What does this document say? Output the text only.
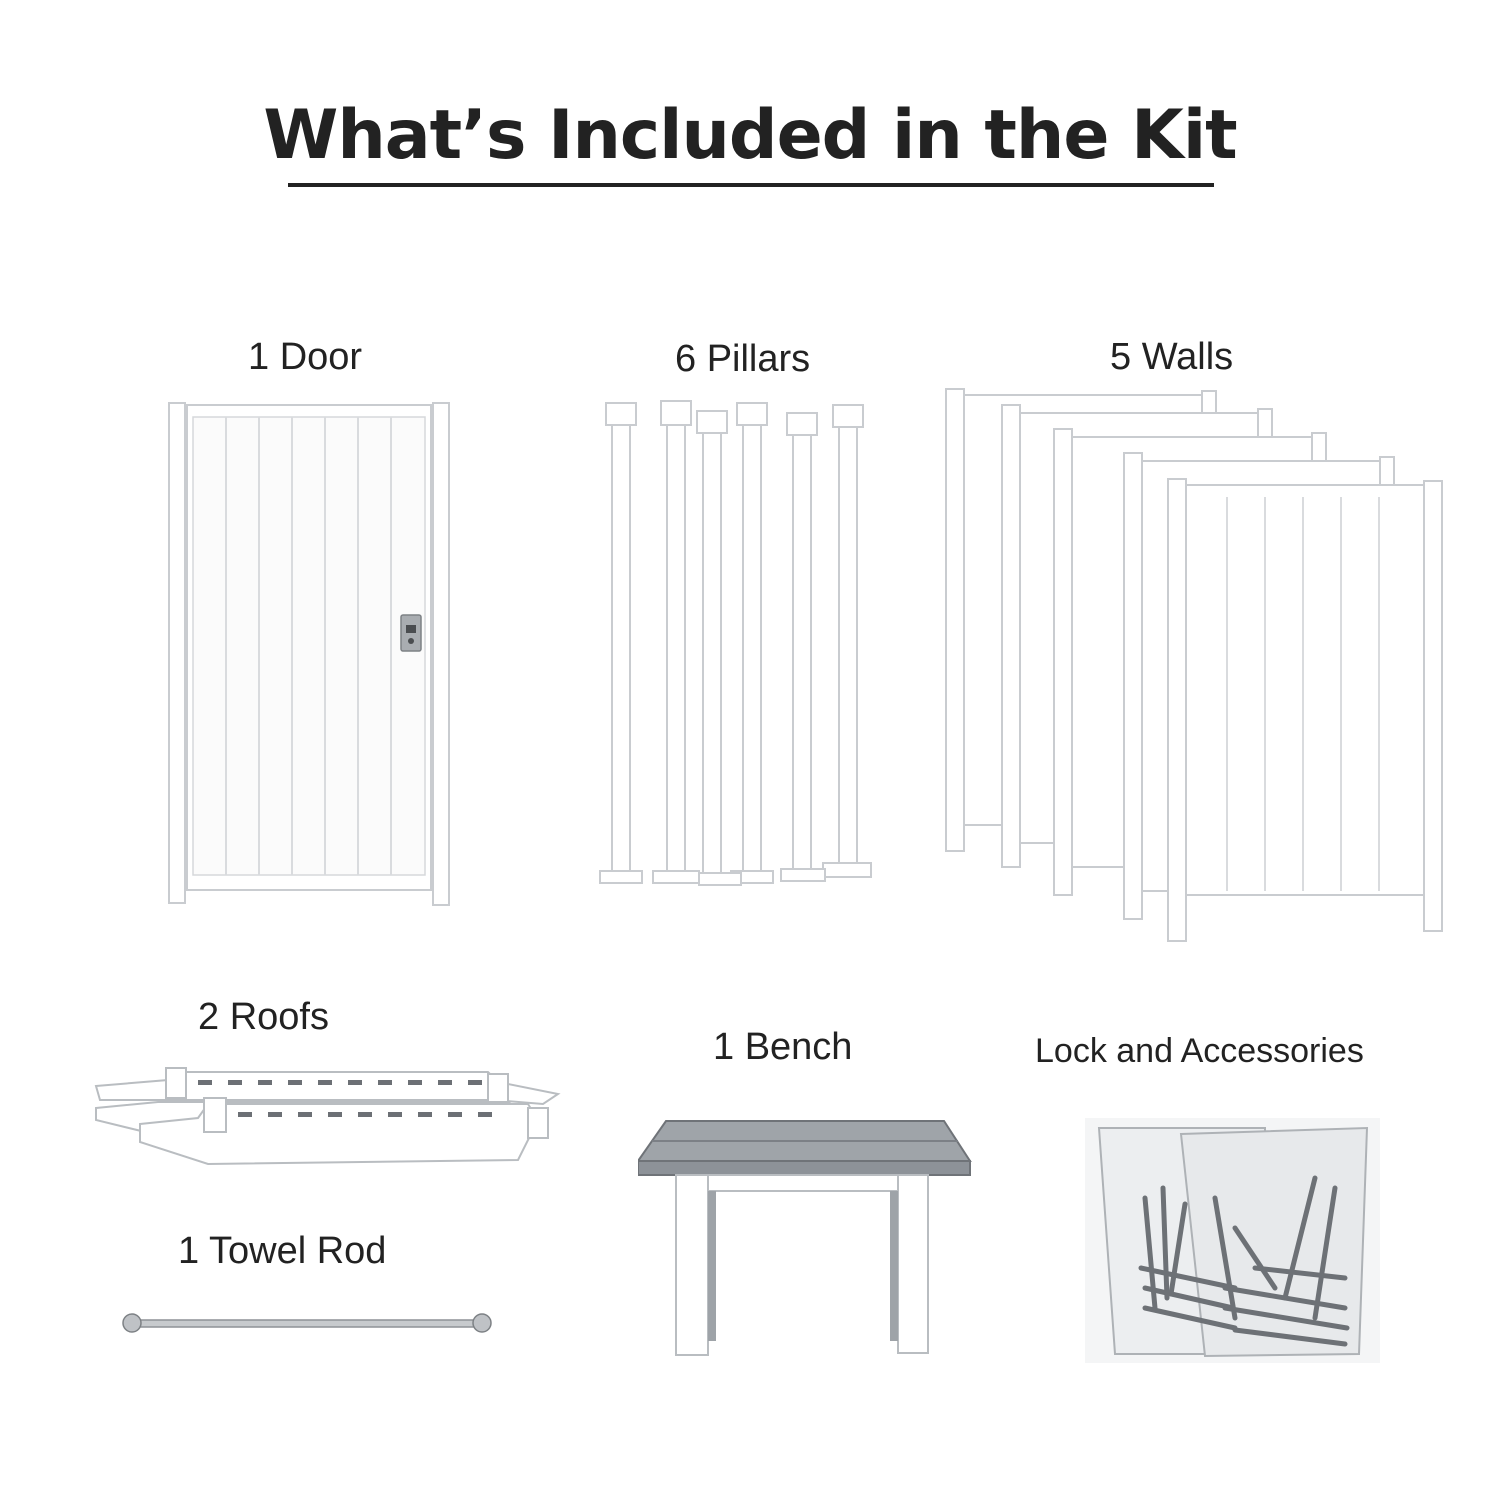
What’s Included in the Kit
1 Door	6 Pillars	5 Walls
2 Roofs
1 Bench	Lock and Accessories
1 Towel Rod
